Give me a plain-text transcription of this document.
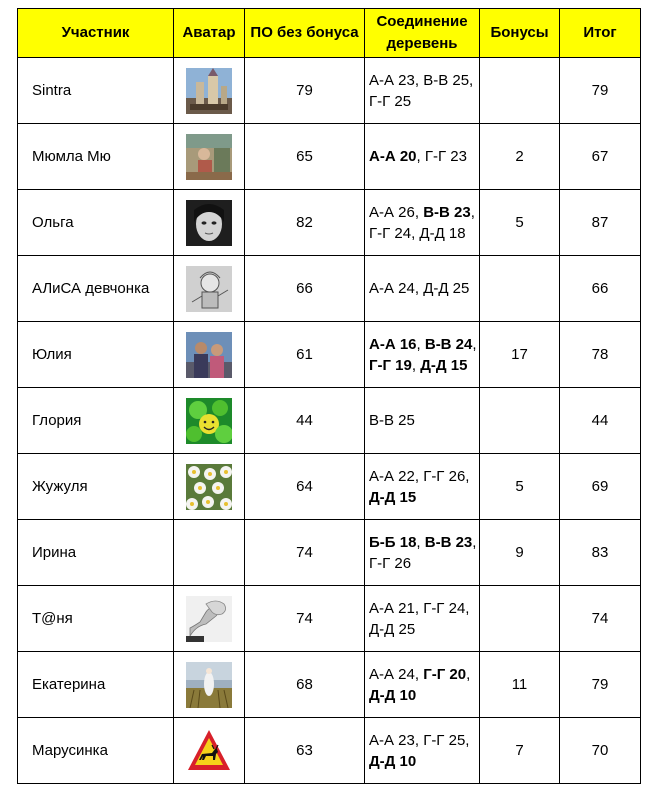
Участник	Аватар	ПО без бонуса	Соединение деревень	Бонусы	Итог
Sintra		79	А-А 23, В-В 25, Г-Г 25		79
Мюмла Мю		65	А-А 20, Г-Г 23	2	67
Ольга		82	А-А 26, В-В 23, Г-Г 24, Д-Д 18	5	87
АЛиСА девчонка		66	А-А 24, Д-Д 25		66
Юлия		61	А-А 16, В-В 24, Г-Г 19, Д-Д 15	17	78
Глория		44	В-В 25		44
Жужуля		64	А-А 22, Г-Г 26, Д-Д 15	5	69
Ирина		74	Б-Б 18, В-В 23, Г-Г 26	9	83
Т@ня		74	А-А 21, Г-Г 24, Д-Д 25		74
Екатерина		68	А-А 24, Г-Г 20, Д-Д 10	11	79
Марусинка		63	А-А 23, Г-Г 25, Д-Д 10	7	70
